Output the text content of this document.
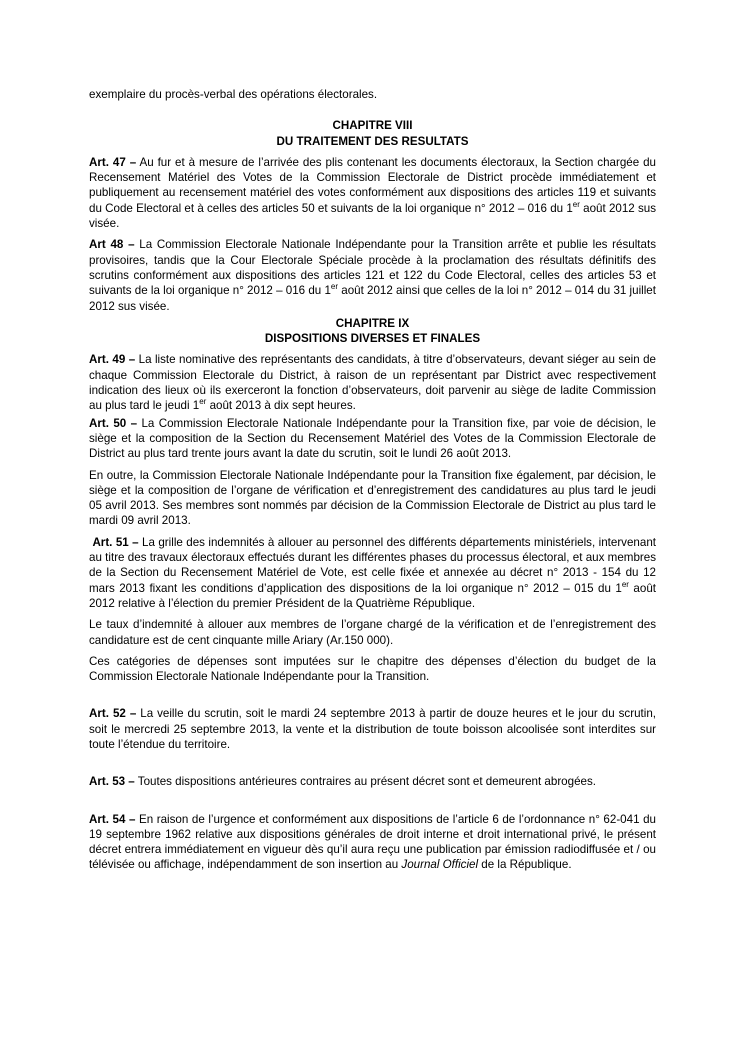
exemplaire du procès-verbal des opérations électorales.

CHAPITRE VIII
DU TRAITEMENT DES RESULTATS

Art. 47 – Au fur et à mesure de l’arrivée des plis contenant les documents électoraux, la Section chargée du Recensement Matériel des Votes de la Commission Electorale de District procède immédiatement et publiquement au recensement matériel des votes conformément aux dispositions des articles 119 et suivants du Code Electoral et à celles des articles 50 et suivants de la loi organique n° 2012 – 016 du 1er août 2012 sus visée.

Art 48 – La Commission Electorale Nationale Indépendante pour la Transition arrête et publie les résultats provisoires, tandis que la Cour Electorale Spéciale procède à la proclamation des résultats définitifs des scrutins conformément aux dispositions des articles 121 et 122 du Code Electoral, celles des articles 53 et suivants de la loi organique n° 2012 – 016 du 1er août 2012 ainsi que celles de la loi n° 2012 – 014 du 31 juillet 2012 sus visée.

CHAPITRE IX
DISPOSITIONS DIVERSES ET FINALES

Art. 49 – La liste nominative des représentants des candidats, à titre d’observateurs, devant siéger au sein de chaque Commission Electorale du District, à raison de un représentant par District avec respectivement indication des lieux où ils exerceront la fonction d’observateurs, doit parvenir au siège de ladite Commission au plus tard le jeudi 1er août 2013 à dix sept heures.

Art. 50 – La Commission Electorale Nationale Indépendante pour la Transition fixe, par voie de décision, le siège et la composition de la Section du Recensement Matériel des Votes de la Commission Electorale de District au plus tard trente jours avant la date du scrutin, soit le lundi 26 août 2013.

En outre, la Commission Electorale Nationale Indépendante pour la Transition fixe également, par décision, le siège et la composition de l’organe de vérification et d’enregistrement des candidatures au plus tard le jeudi 05 avril 2013. Ses membres sont nommés par décision de la Commission Electorale de District au plus tard le mardi 09 avril 2013.

Art. 51 – La grille des indemnités à allouer au personnel des différents départements ministériels, intervenant au titre des travaux électoraux effectués durant les différentes phases du processus électoral, et aux membres de la Section du Recensement Matériel de Vote, est celle fixée et annexée au décret n° 2013 - 154 du 12 mars 2013 fixant les conditions d’application des dispositions de la loi organique n° 2012 – 015 du 1er août 2012 relative à l’élection du premier Président de la Quatrième République.

Le taux d’indemnité à allouer aux membres de l’organe chargé de la vérification et de l’enregistrement des candidature est de cent cinquante mille Ariary (Ar.150 000).

Ces catégories de dépenses sont imputées sur le chapitre des dépenses d’élection du budget de la Commission Electorale Nationale Indépendante pour la Transition.

Art. 52 – La veille du scrutin, soit le mardi 24 septembre 2013 à partir de douze heures et le jour du scrutin, soit le mercredi 25 septembre 2013, la vente et la distribution de toute boisson alcoolisée sont interdites sur toute l’étendue du territoire.

Art. 53 – Toutes dispositions antérieures contraires au présent décret sont et demeurent abrogées.

Art. 54 – En raison de l’urgence et conformément aux dispositions de l’article 6 de l’ordonnance n° 62-041 du 19 septembre 1962 relative aux dispositions générales de droit interne et droit international privé, le présent décret entrera immédiatement en vigueur dès qu’il aura reçu une publication par émission radiodiffusée et / ou télévisée ou affichage, indépendamment de son insertion au Journal Officiel de la République.
